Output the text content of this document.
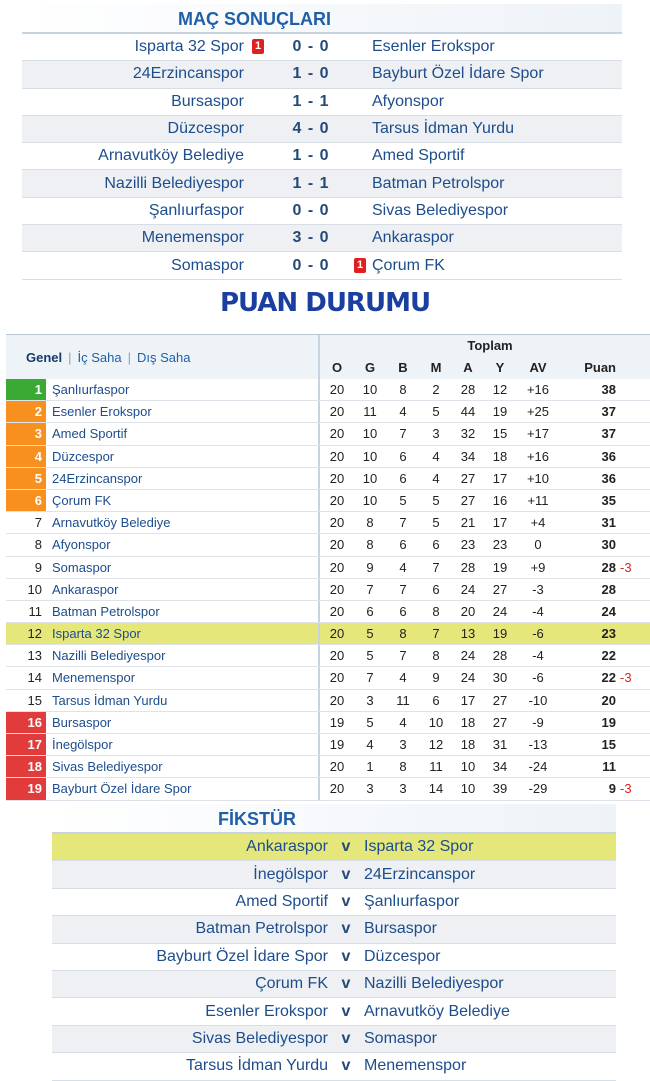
MAÇ SONUÇLARI
Isparta 32 Spor 1	0 - 0	Esenler Erokspor
24Erzincanspor	1 - 0	Bayburt Özel İdare Spor
Bursaspor	1 - 1	Afyonspor
Düzcespor	4 - 0	Tarsus İdman Yurdu
Arnavutköy Belediye	1 - 0	Amed Sportif
Nazilli Belediyespor	1 - 1	Batman Petrolspor
Şanlıurfaspor	0 - 0	Sivas Belediyespor
Menemenspor	3 - 0	Ankaraspor
Somaspor	0 - 0	1 Çorum FK
PUAN DURUMU
Genel | İç Saha | Dış Saha
Toplam
O	G	B	M	A	Y	AV	Puan
1 Şanlıurfaspor	20	10	8	2	28	12	+16	38
2 Esenler Erokspor	20	11	4	5	44	19	+25	37
3 Amed Sportif	20	10	7	3	32	15	+17	37
4 Düzcespor	20	10	6	4	34	18	+16	36
5 24Erzincanspor	20	10	6	4	27	17	+10	36
6 Çorum FK	20	10	5	5	27	16	+11	35
7 Arnavutköy Belediye	20	8	7	5	21	17	+4	31
8 Afyonspor	20	8	6	6	23	23	0	30
9 Somaspor	20	9	4	7	28	19	+9	28 -3
10 Ankaraspor	20	7	7	6	24	27	-3	28
11 Batman Petrolspor	20	6	6	8	20	24	-4	24
12 Isparta 32 Spor	20	5	8	7	13	19	-6	23
13 Nazilli Belediyespor	20	5	7	8	24	28	-4	22
14 Menemenspor	20	7	4	9	24	30	-6	22 -3
15 Tarsus İdman Yurdu	20	3	11	6	17	27	-10	20
16 Bursaspor	19	5	4	10	18	27	-9	19
17 İnegölspor	19	4	3	12	18	31	-13	15
18 Sivas Belediyespor	20	1	8	11	10	34	-24	11
19 Bayburt Özel İdare Spor	20	3	3	14	10	39	-29	9 -3
FİKSTÜR
Ankaraspor v Isparta 32 Spor
İnegölspor v 24Erzincanspor
Amed Sportif v Şanlıurfaspor
Batman Petrolspor v Bursaspor
Bayburt Özel İdare Spor v Düzcespor
Çorum FK v Nazilli Belediyespor
Esenler Erokspor v Arnavutköy Belediye
Sivas Belediyespor v Somaspor
Tarsus İdman Yurdu v Menemenspor
